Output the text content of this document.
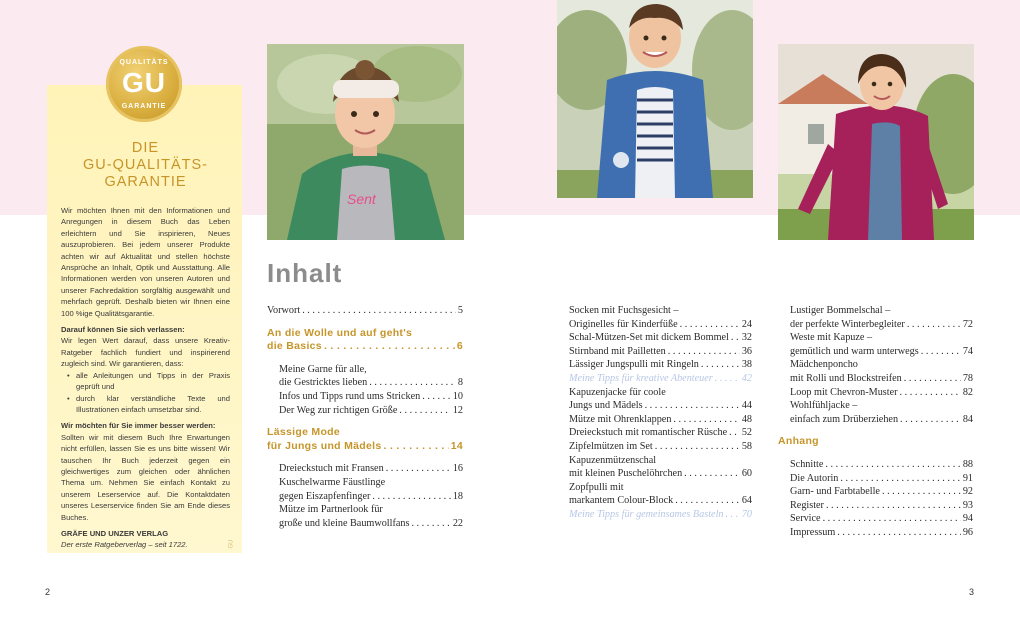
QUALITÄTS
GU
GARANTIE
DIE
GU-QUALITÄTS-
GARANTIE

Wir möchten Ihnen mit den Informationen und Anregungen in diesem Buch das Leben erleichtern und Sie inspirieren, Neues auszuprobieren. Bei jedem unserer Produkte achten wir auf Aktualität und stellen höchste Ansprüche an Inhalt, Optik und Ausstattung. Alle Informationen werden von unseren Autoren und unserer Fachredaktion sorgfältig ausgewählt und mehrfach geprüft. Deshalb bieten wir Ihnen eine 100 %ige Qualitätsgarantie.

Darauf können Sie sich verlassen:

Wir legen Wert darauf, dass unsere Kreativ-Ratgeber fachlich fundiert und inspirierend zugleich sind. Wir garantieren, dass:

• alle Anleitungen und Tipps in der Praxis geprüft und
• durch klar verständliche Texte und Illustrationen einfach umsetzbar sind.

Wir möchten für Sie immer besser werden:

Sollten wir mit diesem Buch Ihre Erwartungen nicht erfüllen, lassen Sie es uns bitte wissen! Wir tauschen Ihr Buch jederzeit gegen ein gleichwertiges zum gleichen oder ähnlichen Thema um. Nehmen Sie einfach Kontakt zu unserem Leserservice auf. Die Kontaktdaten unseres Leserservice finden Sie am Ende dieses Buches.

GRÄFE UND UNZER VERLAG

Der erste Ratgeberverlag – seit 1722.	GU
Sent
Inhalt
Vorwort . . .	5
An die Wolle und auf geht's
die Basics . . .	6
Meine Garne für alle,
die Gestricktes lieben . . .	8
Infos und Tipps rund ums Stricken . . .	10
Der Weg zur richtigen Größe . . .	12
Lässige Mode
für Jungs und Mädels . . .	14
Dreieckstuch mit Fransen . . .	16
Kuschelwarme Fäustlinge
gegen Eiszapfenfinger . . .	18
Mütze im Partnerlook für
große und kleine Baumwollfans . . .	22
Socken mit Fuchsgesicht –
Originelles für Kinderfüße . . .	24
Schal-Mützen-Set mit dickem Bommel . . . 32
Stirnband mit Pailletten . . .	36
Lässiger Jungspulli mit Ringeln . . .	38
Meine Tipps für kreative Abenteuer . . .	42
Kapuzenjacke für coole
Jungs und Mädels . . .	44
Mütze mit Ohrenklappen . . .	48
Dreieckstuch mit romantischer Rüsche . . . 52
Zipfelmützen im Set . . .	58
Kapuzenmützenschal
mit kleinen Puschelöhrchen . . .	60
Zopfpulli mit
markantem Colour-Block . . .	64
Meine Tipps für gemeinsames Basteln . . . 70
Lustiger Bommelschal –
der perfekte Winterbegleiter . . .	72
Weste mit Kapuze –
gemütlich und warm unterwegs . . .	74
Mädchenponcho
mit Rolli und Blockstreifen . . .	78
Loop mit Chevron-Muster . . .	82
Wohlfühljacke –
einfach zum Drüberziehen . . .	84
Anhang
Schnitte . . .	88
Die Autorin . . .	91
Garn- und Farbtabelle . . .	92
Register . . .	93
Service . . .	94
Impressum . . .	96
2	3
